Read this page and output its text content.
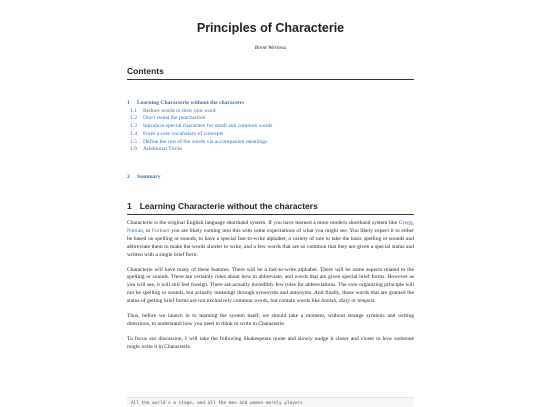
Principles of Characterie
Brent Werness
Contents
1 Learning Characterie without the characters
1.1 Reduce words to their root word
1.2 Don't sweat the punctuation
1.3 Introduce special characters for small and common words
1.4 Form a core vocabulary of concepts
1.5 Define the rest of the words via accompanied meanings
1.6 Additional Tricks
2 Summary
1 Learning Characterie without the characters

Characterie is the original English language shorthand system. If you have learned a more modern shorthand system like Gregg, Pitman, or Forkner you are likely coming into this with some expectations of what you might see. You likely expect it to either be based on spelling or sounds, to have a special fast-to-write alphabet, a variety of rule to take the basic spelling or sounds and abbreviate them to make the words shorter to write, and a few words that are so common that they are given a special status and written with a single brief form.

Characterie will have many of these features. There will be a fast-to-write alphabet. There will be some aspects related to the spelling or sounds. There are certainly rules about how to abbreviate, and words that are given special brief forms. However as you will see, it will still feel foreign. There are actually incredibly few rules for abbreviations. The core organizing principle will not be spelling or sounds, but actually meanings through synonyms and antonyms. And finally, those words that are granted the status of getting brief forms are not exclusively common words, but contain words like banish, dizzy or tempest.

Thus, before we launch in to learning the system itself, we should take a moment, without strange symbols and writing directions, to understand how you need to think to write in Characterie.

To focus our discussion, I will take the following Shakespeare quote and slowly nudge it closer and closer to how someone might write it in Characterie.

All the world's a stage, and all the men and women merely players
